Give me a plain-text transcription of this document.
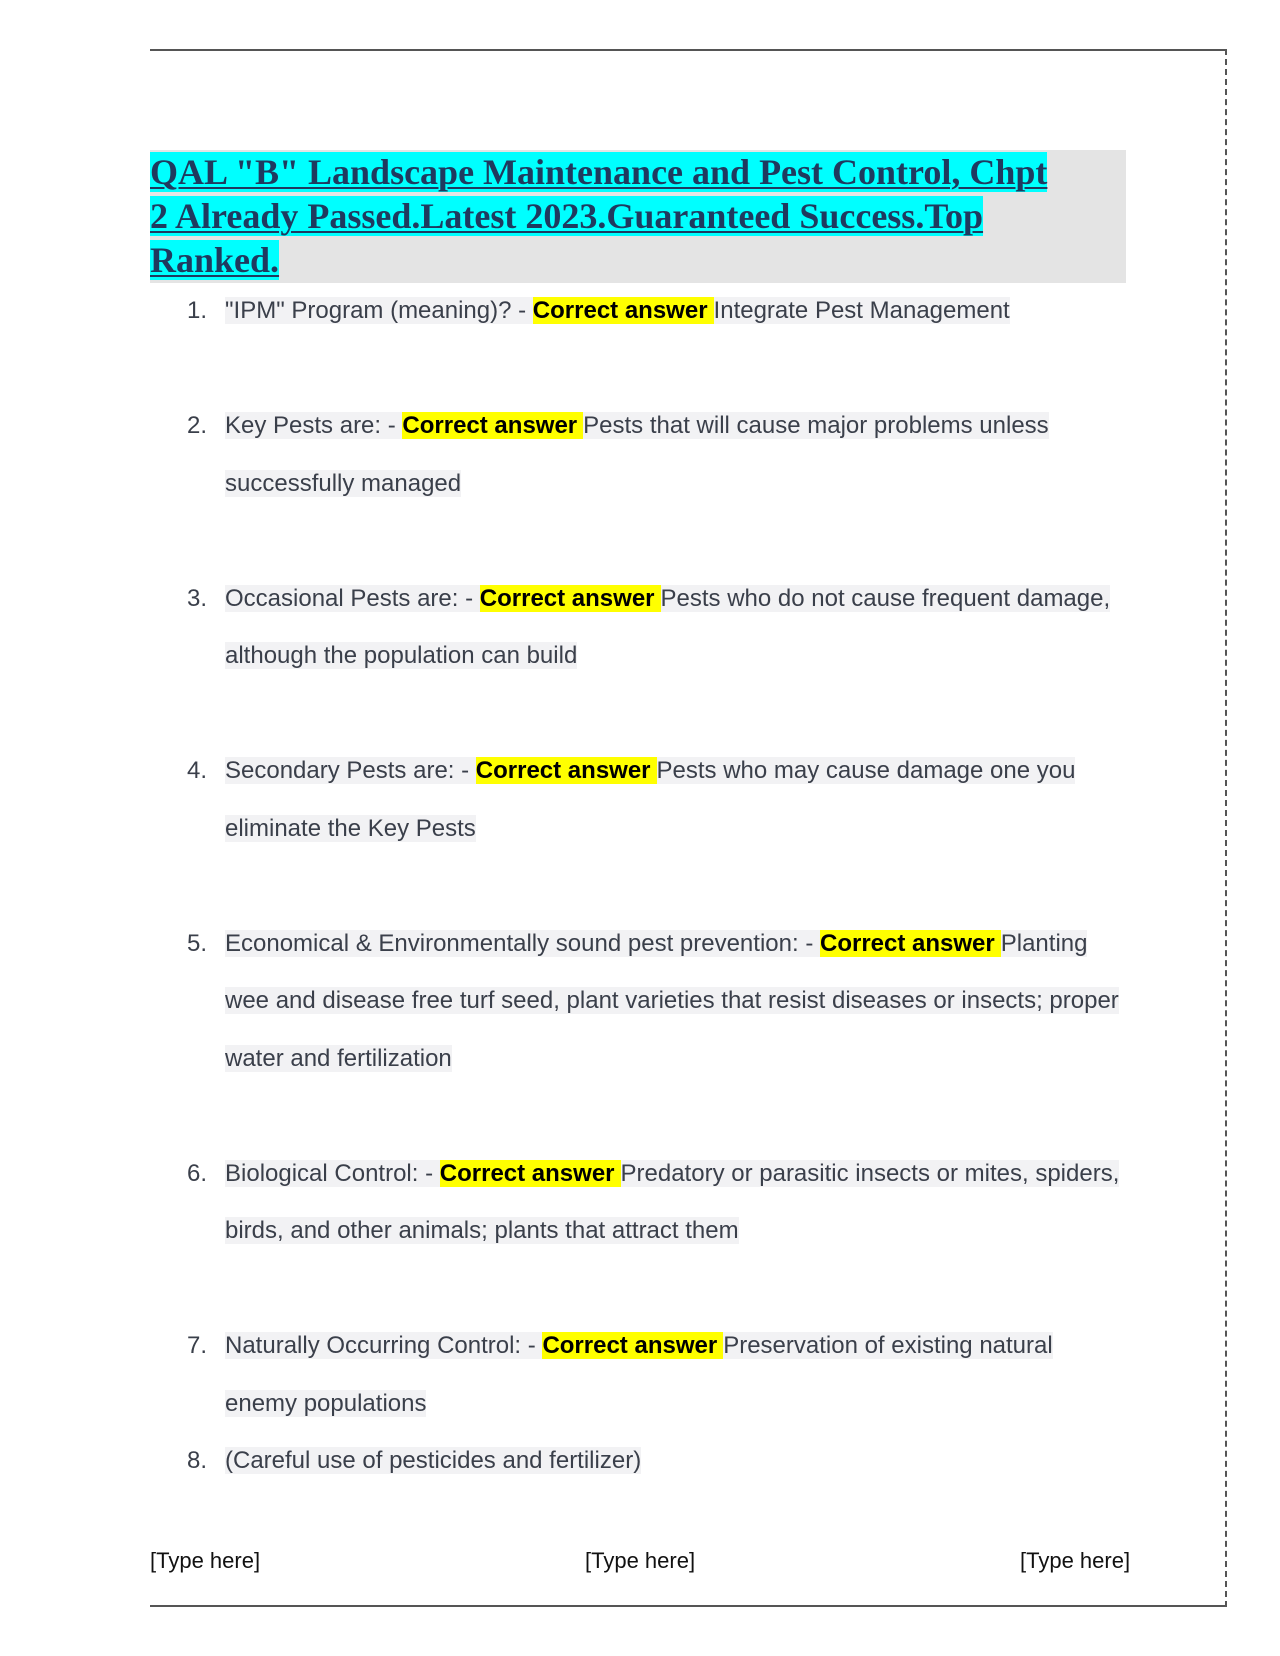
QAL "B" Landscape Maintenance and Pest Control, Chpt
2 Already Passed.Latest 2023.Guaranteed Success.Top
Ranked.
1. "IPM" Program (meaning)? - Correct answer Integrate Pest Management
2. Key Pests are: - Correct answer Pests that will cause major problems unless successfully managed
3. Occasional Pests are: - Correct answer Pests who do not cause frequent damage, although the population can build
4. Secondary Pests are: - Correct answer Pests who may cause damage one you eliminate the Key Pests
5. Economical & Environmentally sound pest prevention: - Correct answer Planting wee and disease free turf seed, plant varieties that resist diseases or insects; proper water and fertilization
6. Biological Control: - Correct answer Predatory or parasitic insects or mites, spiders, birds, and other animals; plants that attract them
7. Naturally Occurring Control: - Correct answer Preservation of existing natural enemy populations
8. (Careful use of pesticides and fertilizer)
[Type here]	[Type here]	[Type here]
